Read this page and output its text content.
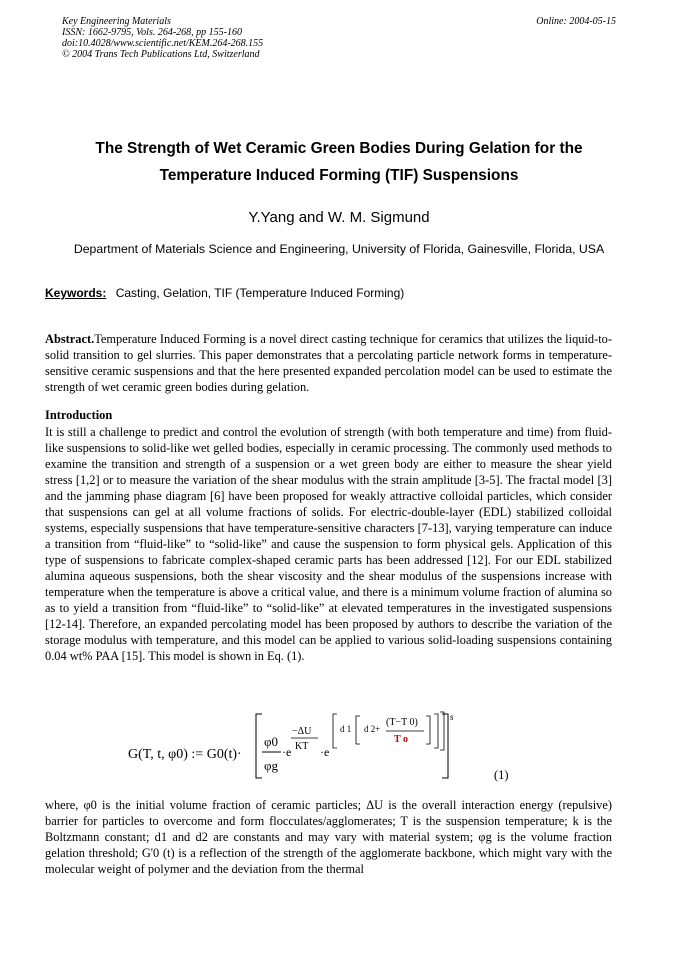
Key Engineering Materials
ISSN: 1662-9795, Vols. 264-268, pp 155-160
doi:10.4028/www.scientific.net/KEM.264-268.155
© 2004 Trans Tech Publications Ltd, Switzerland
Online: 2004-05-15
The Strength of Wet Ceramic Green Bodies During Gelation for the
Temperature Induced Forming (TIF) Suspensions
Y.Yang and W. M. Sigmund
Department of Materials Science and Engineering, University of Florida, Gainesville, Florida, USA
Keywords: Casting, Gelation, TIF (Temperature Induced Forming)
Abstract.Temperature Induced Forming is a novel direct casting technique for ceramics that utilizes the liquid-to-solid transition to gel slurries. This paper demonstrates that a percolating particle network forms in temperature-sensitive ceramic suspensions and that the here presented expanded percolation model can be used to estimate the strength of wet ceramic green bodies during gelation.
Introduction
It is still a challenge to predict and control the evolution of strength (with both temperature and time) from fluid-like suspensions to solid-like wet gelled bodies, especially in ceramic processing. The commonly used methods to examine the transition and strength of a suspension or a wet green body are either to measure the shear yield stress [1,2] or to measure the variation of the shear modulus with the strain amplitude [3-5]. The fractal model [3] and the jamming phase diagram [6] have been proposed for weakly attractive colloidal particles, which consider that suspensions can gel at all volume fractions of solids. For electric-double-layer (EDL) stabilized colloidal systems, especially suspensions that have temperature-sensitive characters [7-13], varying temperature can induce a transition from “fluid-like” to “solid-like” and cause the suspension to form physical gels. Application of this type of suspensions to fabricate complex-shaped ceramic parts has been addressed [12]. For our EDL stabilized alumina aqueous suspensions, both the shear viscosity and the shear modulus of the suspensions increase with temperature when the temperature is above a critical value, and there is a minimum volume fraction of alumina so as to yield a transition from “fluid-like” to “solid-like” at elevated temperatures in the investigated suspensions [12-14]. Therefore, an expanded percolating model has been proposed by authors to describe the variation of the storage modulus with temperature, and this model can be applied to various solid-loading suspensions containing 0.04 wt% PAA [15]. This model is shown in Eq. (1).
G(T, t, φ0) := G0(t)·
φ0
φg
·e
−ΔU
KT ·e
d 1 d 2+
(T−T 0)
T o
s
(1)
where, φ0 is the initial volume fraction of ceramic particles; ΔU is the overall interaction energy (repulsive) barrier for particles to overcome and form flocculates/agglomerates; T is the suspension temperature; k is the Boltzmann constant; d1 and d2 are constants and may vary with material system; φg is the volume fraction gelation threshold; G'0 (t) is a reflection of the strength of the agglomerate backbone, which might vary with the molecular weight of polymer and the deviation from the thermal
